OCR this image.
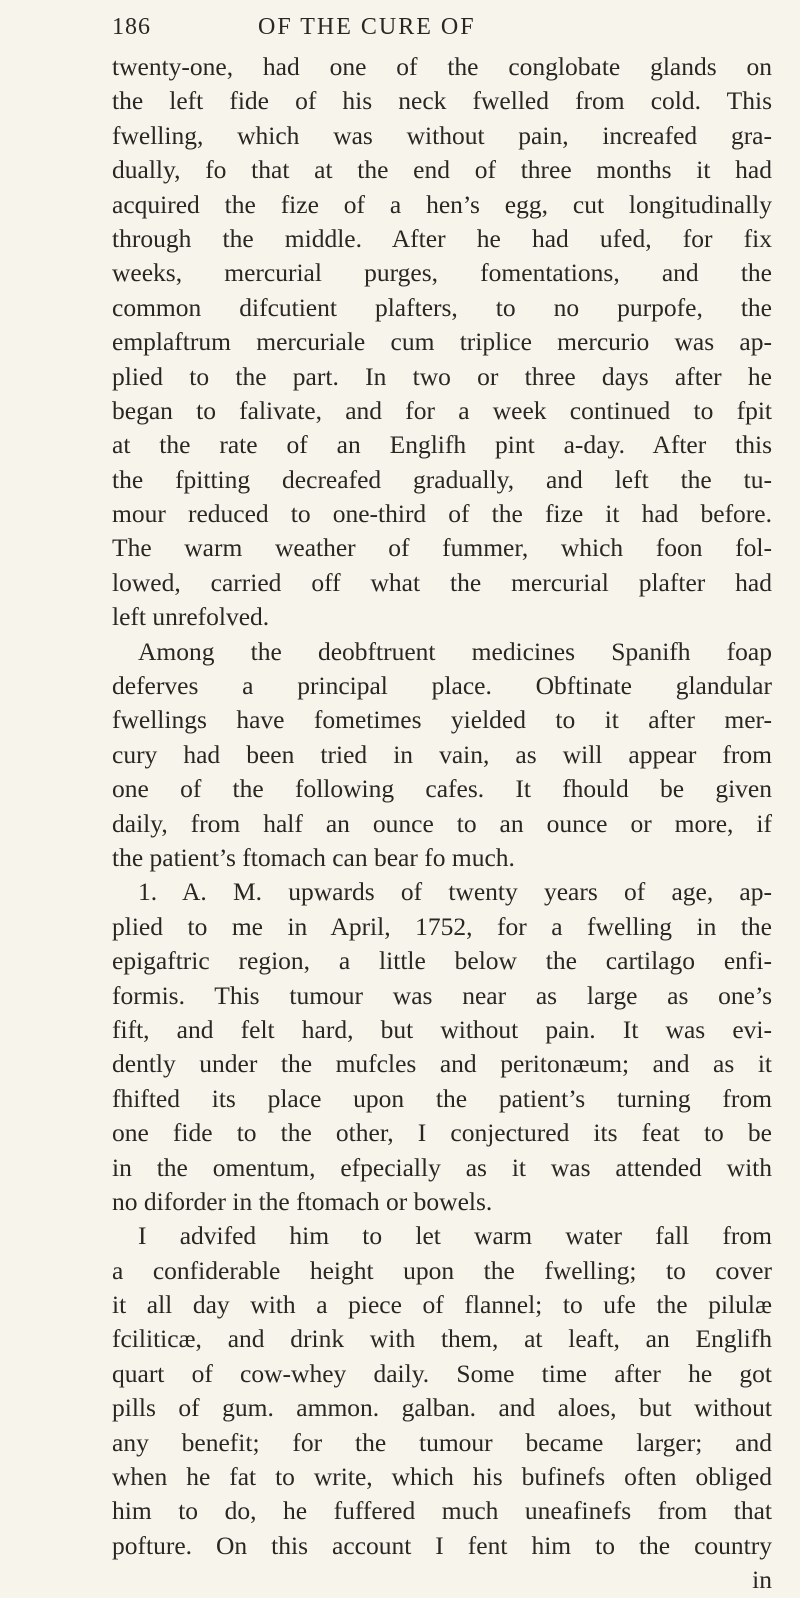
186	OF THE CURE OF
twenty-one, had one of the conglobate glands on
the left fide of his neck fwelled from cold. This
fwelling, which was without pain, increafed gra-
dually, fo that at the end of three months it had
acquired the fize of a hen’s egg, cut longitudinally
through the middle. After he had ufed, for fix
weeks, mercurial purges, fomentations, and the
common difcutient plafters, to no purpofe, the
emplaftrum mercuriale cum triplice mercurio was ap-
plied to the part. In two or three days after he
began to falivate, and for a week continued to fpit
at the rate of an Englifh pint a-day. After this
the fpitting decreafed gradually, and left the tu-
mour reduced to one-third of the fize it had before.
The warm weather of fummer, which foon fol-
lowed, carried off what the mercurial plafter had
left unrefolved.
Among the deobftruent medicines Spanifh foap
deferves a principal place. Obftinate glandular
fwellings have fometimes yielded to it after mer-
cury had been tried in vain, as will appear from
one of the following cafes. It fhould be given
daily, from half an ounce to an ounce or more, if
the patient’s ftomach can bear fo much.
1. A. M. upwards of twenty years of age, ap-
plied to me in April, 1752, for a fwelling in the
epigaftric region, a little below the cartilago enfi-
formis. This tumour was near as large as one’s
fift, and felt hard, but without pain. It was evi-
dently under the mufcles and peritonæum; and as it
fhifted its place upon the patient’s turning from
one fide to the other, I conjectured its feat to be
in the omentum, efpecially as it was attended with
no diforder in the ftomach or bowels.
I advifed him to let warm water fall from
a confiderable height upon the fwelling; to cover
it all day with a piece of flannel; to ufe the pilulæ
fciliticæ, and drink with them, at leaft, an Englifh
quart of cow-whey daily. Some time after he got
pills of gum. ammon. galban. and aloes, but without
any benefit; for the tumour became larger; and
when he fat to write, which his bufinefs often obliged
him to do, he fuffered much uneafinefs from that
pofture. On this account I fent him to the country
in
